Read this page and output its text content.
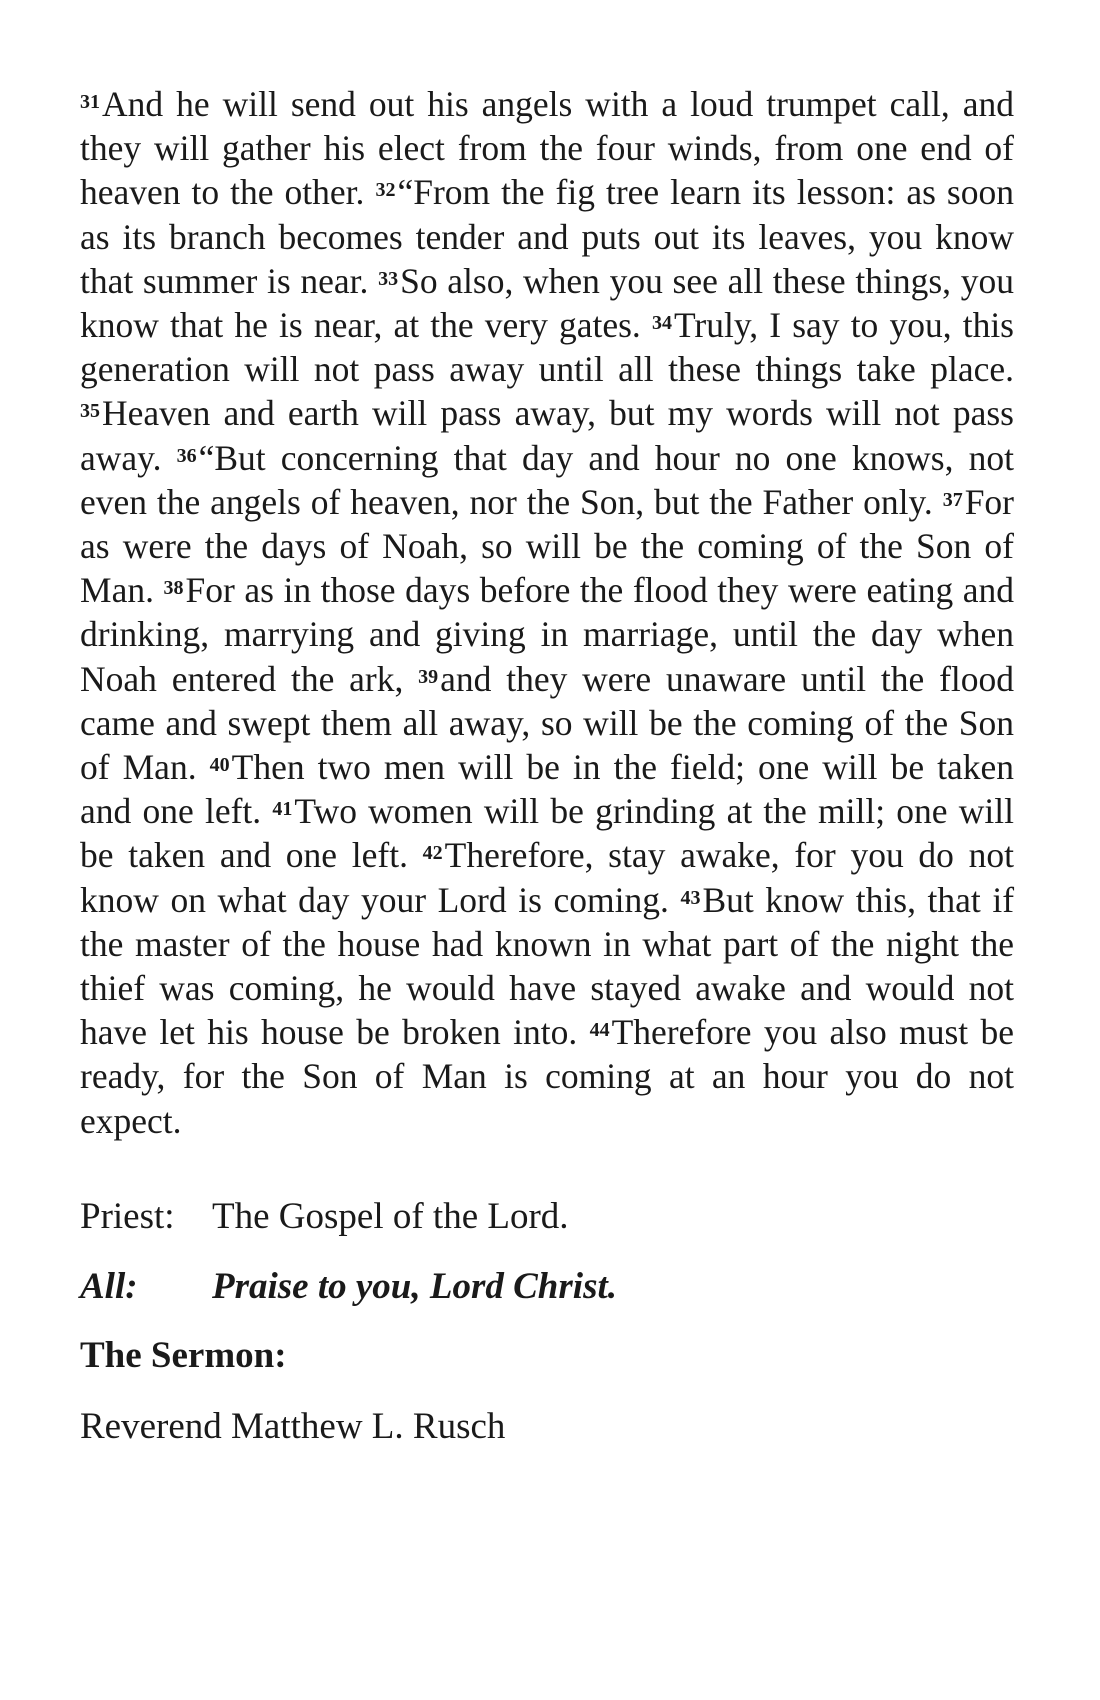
$^{31}$And he will send out his angels with a loud trumpet call, and they will gather his elect from the four winds, from one end of heaven to the other. $^{32}$“From the fig tree learn its lesson: as soon as its branch becomes tender and puts out its leaves, you know that summer is near. $^{33}$So also, when you see all these things, you know that he is near, at the very gates. $^{34}$Truly, I say to you, this generation will not pass away until all these things take place. $^{35}$Heaven and earth will pass away, but my words will not pass away. $^{36}$“But concerning that day and hour no one knows, not even the angels of heaven, nor the Son, but the Father only. $^{37}$For as were the days of Noah, so will be the coming of the Son of Man. $^{38}$For as in those days before the flood they were eating and drinking, marrying and giving in marriage, until the day when Noah entered the ark, $^{39}$and they were unaware until the flood came and swept them all away, so will be the coming of the Son of Man. $^{40}$Then two men will be in the field; one will be taken and one left. $^{41}$Two women will be grinding at the mill; one will be taken and one left. $^{42}$Therefore, stay awake, for you do not know on what day your Lord is coming. $^{43}$But know this, that if the master of the house had known in what part of the night the thief was coming, he would have stayed awake and would not have let his house be broken into. $^{44}$Therefore you also must be ready, for the Son of Man is coming at an hour you do not expect.

Priest:	The Gospel of the Lord.

All:	Praise to you, Lord Christ.

The Sermon:

Reverend Matthew L. Rusch
